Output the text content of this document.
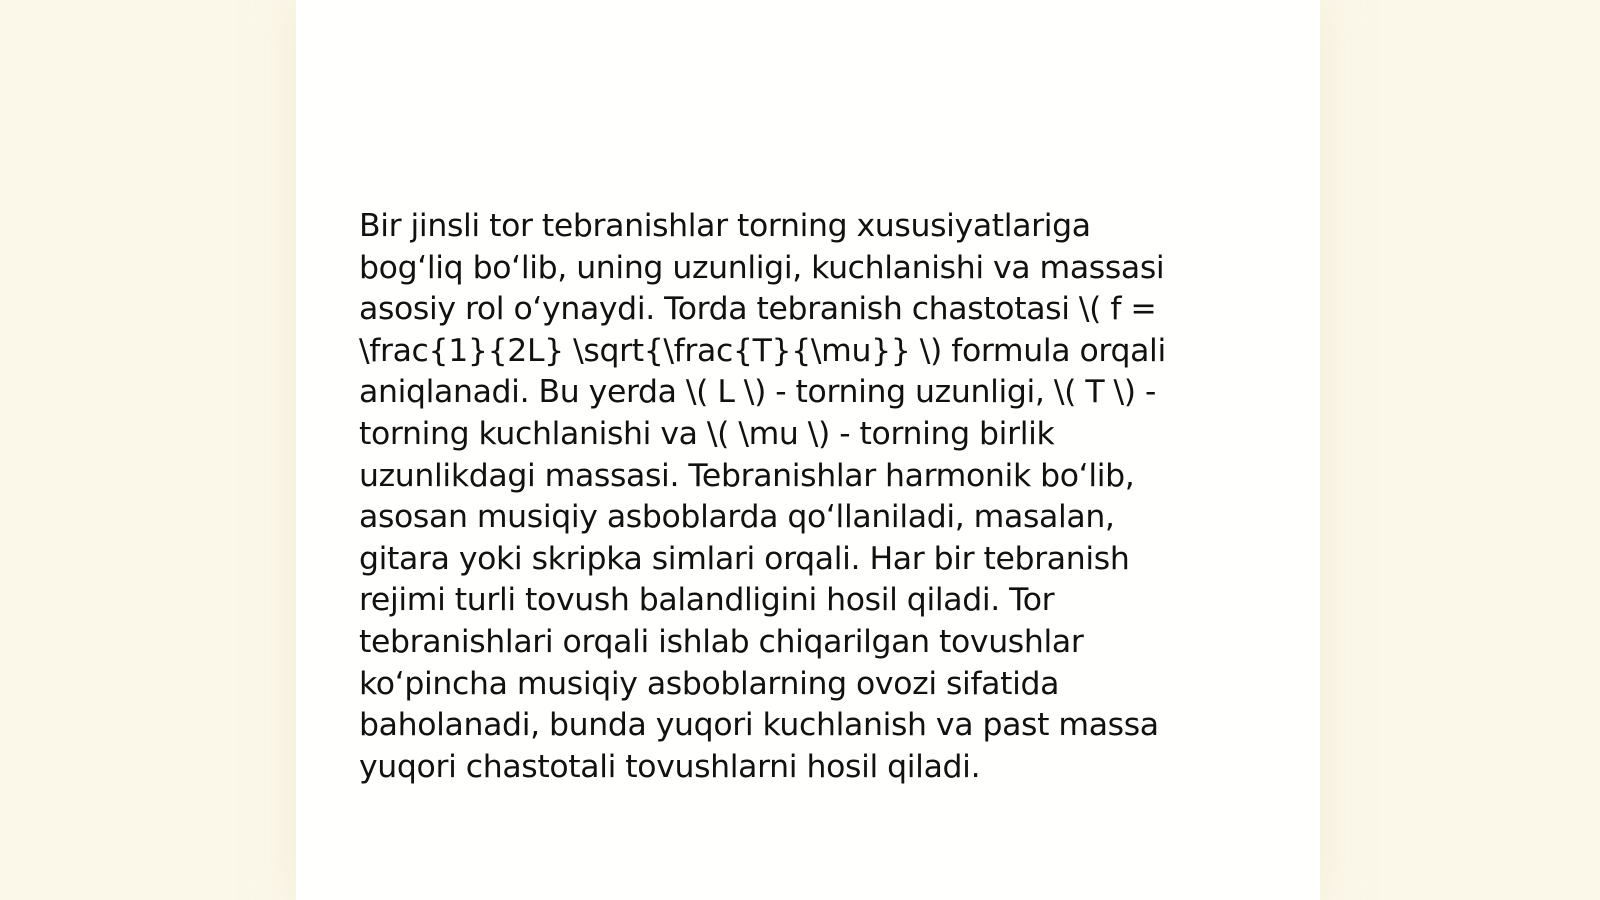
Bir jinsli tor tebranishlar torning xususiyatlariga
bog‘liq bo‘lib, uning uzunligi, kuchlanishi va massasi
asosiy rol o‘ynaydi. Torda tebranish chastotasi \( f =
\frac{1}{2L} \sqrt{\frac{T}{\mu}} \) formula orqali
aniqlanadi. Bu yerda \( L \) - torning uzunligi, \( T \) -
torning kuchlanishi va \( \mu \) - torning birlik
uzunlikdagi massasi. Tebranishlar harmonik bo‘lib,
asosan musiqiy asboblarda qo‘llaniladi, masalan,
gitara yoki skripka simlari orqali. Har bir tebranish
rejimi turli tovush balandligini hosil qiladi. Tor
tebranishlari orqali ishlab chiqarilgan tovushlar
ko‘pincha musiqiy asboblarning ovozi sifatida
baholanadi, bunda yuqori kuchlanish va past massa
yuqori chastotali tovushlarni hosil qiladi.
